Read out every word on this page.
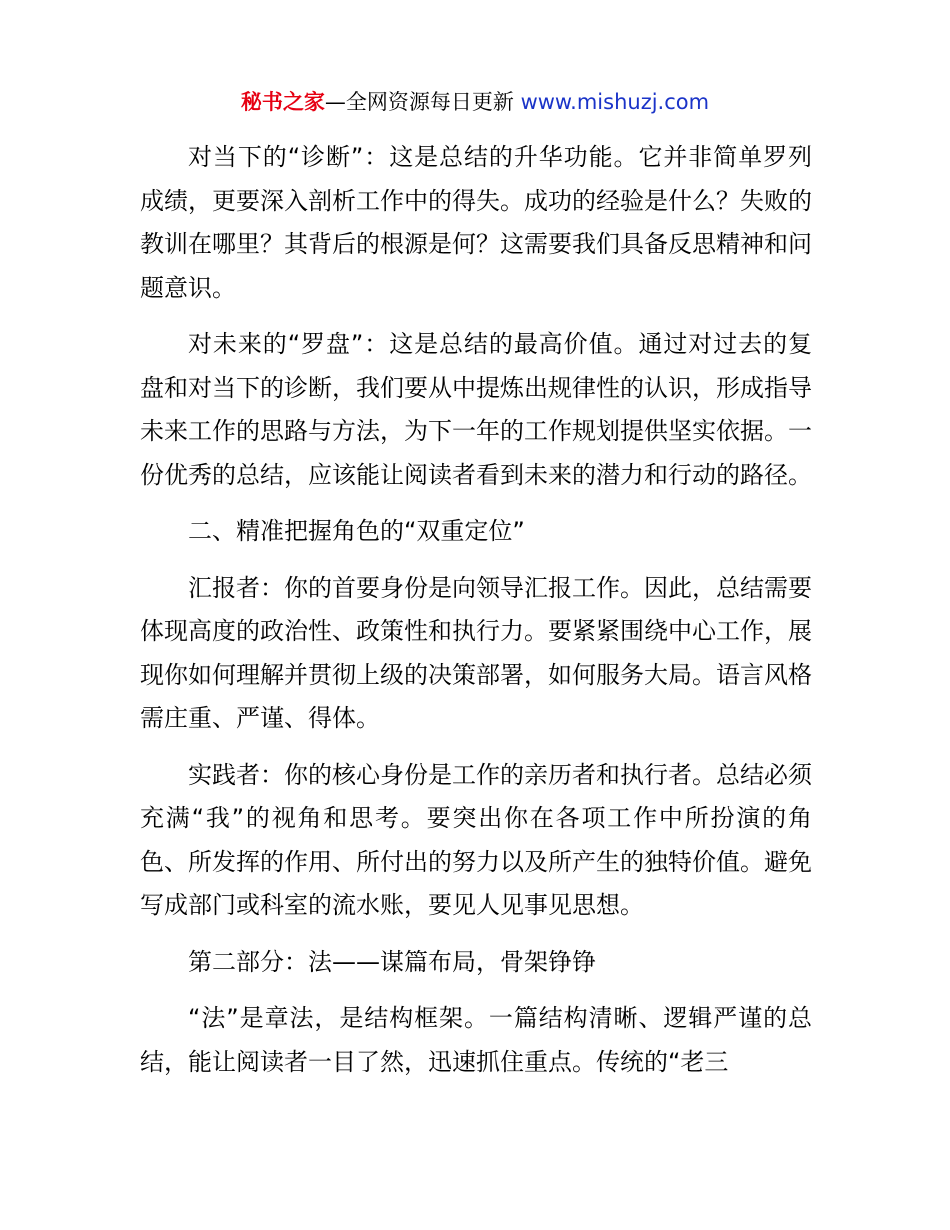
秘书之家—全网资源每日更新 www.mishuzj.com

对当下的“诊断”：这是总结的升华功能。它并非简单罗列成绩，更要深入剖析工作中的得失。成功的经验是什么？失败的教训在哪里？其背后的根源是何？这需要我们具备反思精神和问题意识。

对未来的“罗盘”：这是总结的最高价值。通过对过去的复盘和对当下的诊断，我们要从中提炼出规律性的认识，形成指导未来工作的思路与方法，为下一年的工作规划提供坚实依据。一份优秀的总结，应该能让阅读者看到未来的潜力和行动的路径。

二、精准把握角色的“双重定位”

汇报者：你的首要身份是向领导汇报工作。因此，总结需要体现高度的政治性、政策性和执行力。要紧紧围绕中心工作，展现你如何理解并贯彻上级的决策部署，如何服务大局。语言风格需庄重、严谨、得体。

实践者：你的核心身份是工作的亲历者和执行者。总结必须充满“我”的视角和思考。要突出你在各项工作中所扮演的角色、所发挥的作用、所付出的努力以及所产生的独特价值。避免写成部门或科室的流水账，要见人见事见思想。

第二部分：法——谋篇布局，骨架铮铮

“法”是章法，是结构框架。一篇结构清晰、逻辑严谨的总结，能让阅读者一目了然，迅速抓住重点。传统的“老三
